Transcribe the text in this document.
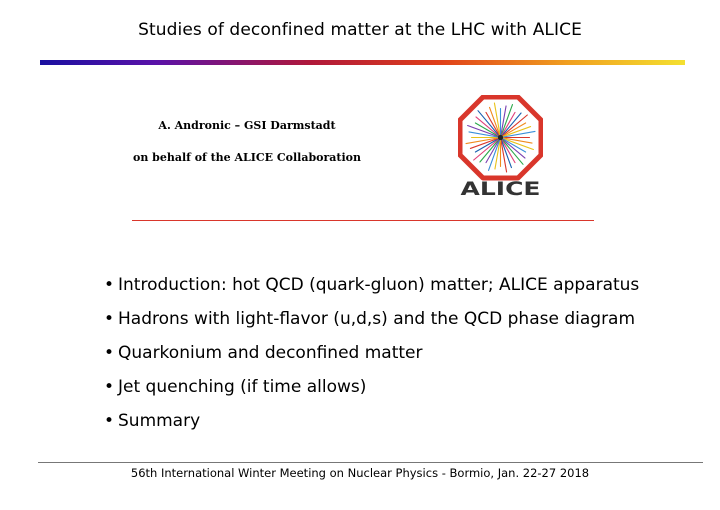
Studies of deconfined matter at the LHC with ALICE
A. Andronic – GSI Darmstadt
on behalf of the ALICE Collaboration
ALICE
• Introduction: hot QCD (quark-gluon) matter; ALICE apparatus
• Hadrons with light-flavor (u,d,s) and the QCD phase diagram
• Quarkonium and deconfined matter
• Jet quenching (if time allows)
• Summary
56th International Winter Meeting on Nuclear Physics - Bormio, Jan. 22-27 2018
